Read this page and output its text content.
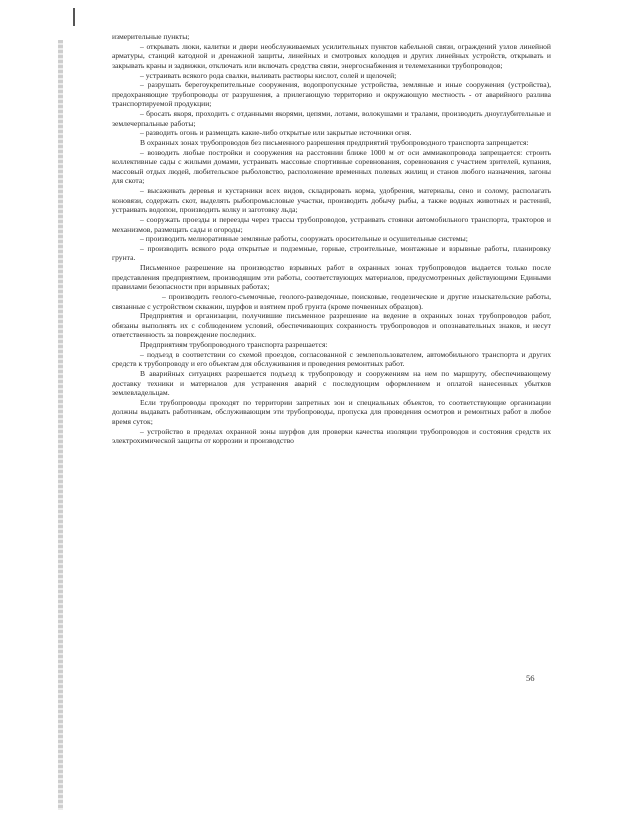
измерительные пункты;

– открывать люки, калитки и двери необслуживаемых усилительных пунктов кабельной связи, ограждений узлов линейной арматуры, станций катодной и дренажной защиты, линейных и смотровых колодцев и других линейных устройств, открывать и закрывать краны и задвижки, отключать или включать средства связи, энергоснабжения и телемеханики трубопроводов;

– устраивать всякого рода свалки, выливать растворы кислот, солей и щелочей;

– разрушать берегоукрепительные сооружения, водопропускные устройства, земляные и иные сооружения (устройства), предохраняющие трубопроводы от разрушения, а прилегающую территорию и окружающую местность - от аварийного разлива транспортируемой продукции;

– бросать якоря, проходить с отданными якорями, цепями, лотами, волокушами и тралами, производить дноуглубительные и землечерпальные работы;

– разводить огонь и размещать какие-либо открытые или закрытые источники огня.

В охранных зонах трубопроводов без письменного разрешения предприятий трубопроводного транспорта запрещается:

– возводить любые постройки и сооружения на расстоянии ближе 1000 м от оси аммиакопровода запрещается: строить коллективные сады с жилыми домами, устраивать массовые спортивные соревнования, соревнования с участием зрителей, купания, массовый отдых людей, любительское рыболовство, расположение временных полевых жилищ и станов любого назначения, загоны для скота;

– высаживать деревья и кустарники всех видов, складировать корма, удобрения, материалы, сено и солому, располагать коновязи, содержать скот, выделять рыбопромысловые участки, производить добычу рыбы, а также водных животных и растений, устраивать водопои, производить колку и заготовку льда;

– сооружать проезды и переезды через трассы трубопроводов, устраивать стоянки автомобильного транспорта, тракторов и механизмов, размещать сады и огороды;

– производить мелиоративные земляные работы, сооружать оросительные и осушительные системы;

– производить всякого рода открытые и подземные, горные, строительные, монтажные и взрывные работы, планировку грунта.

Письменное разрешение на производство взрывных работ в охранных зонах трубопроводов выдается только после представления предприятием, производящим эти работы, соответствующих материалов, предусмотренных действующими Едиными правилами безопасности при взрывных работах;

– производить геолого-съемочные, геолого-разведочные, поисковые, геодезические и другие изыскательские работы, связанные с устройством скважин, шурфов и взятием проб грунта (кроме почвенных образцов).

Предприятия и организации, получившие письменное разрешение на ведение в охранных зонах трубопроводов работ, обязаны выполнять их с соблюдением условий, обеспечивающих сохранность трубопроводов и опознавательных знаков, и несут ответственность за повреждение последних.

Предприятиям трубопроводного транспорта разрешается:

– подъезд в соответствии со схемой проездов, согласованной с землепользователем, автомобильного транспорта и других средств к трубопроводу и его объектам для обслуживания и проведения ремонтных работ.

В аварийных ситуациях разрешается подъезд к трубопроводу и сооружениям на нем по маршруту, обеспечивающему доставку техники и материалов для устранения аварий с последующим оформлением и оплатой нанесенных убытков землевладельцам.

Если трубопроводы проходят по территории запретных зон и специальных объектов, то соответствующие организации должны выдавать работникам, обслуживающим эти трубопроводы, пропуска для проведения осмотров и ремонтных работ в любое время суток;

– устройство в пределах охранной зоны шурфов для проверки качества изоляции трубопроводов и состояния средств их электрохимической защиты от коррозии и производство

56
